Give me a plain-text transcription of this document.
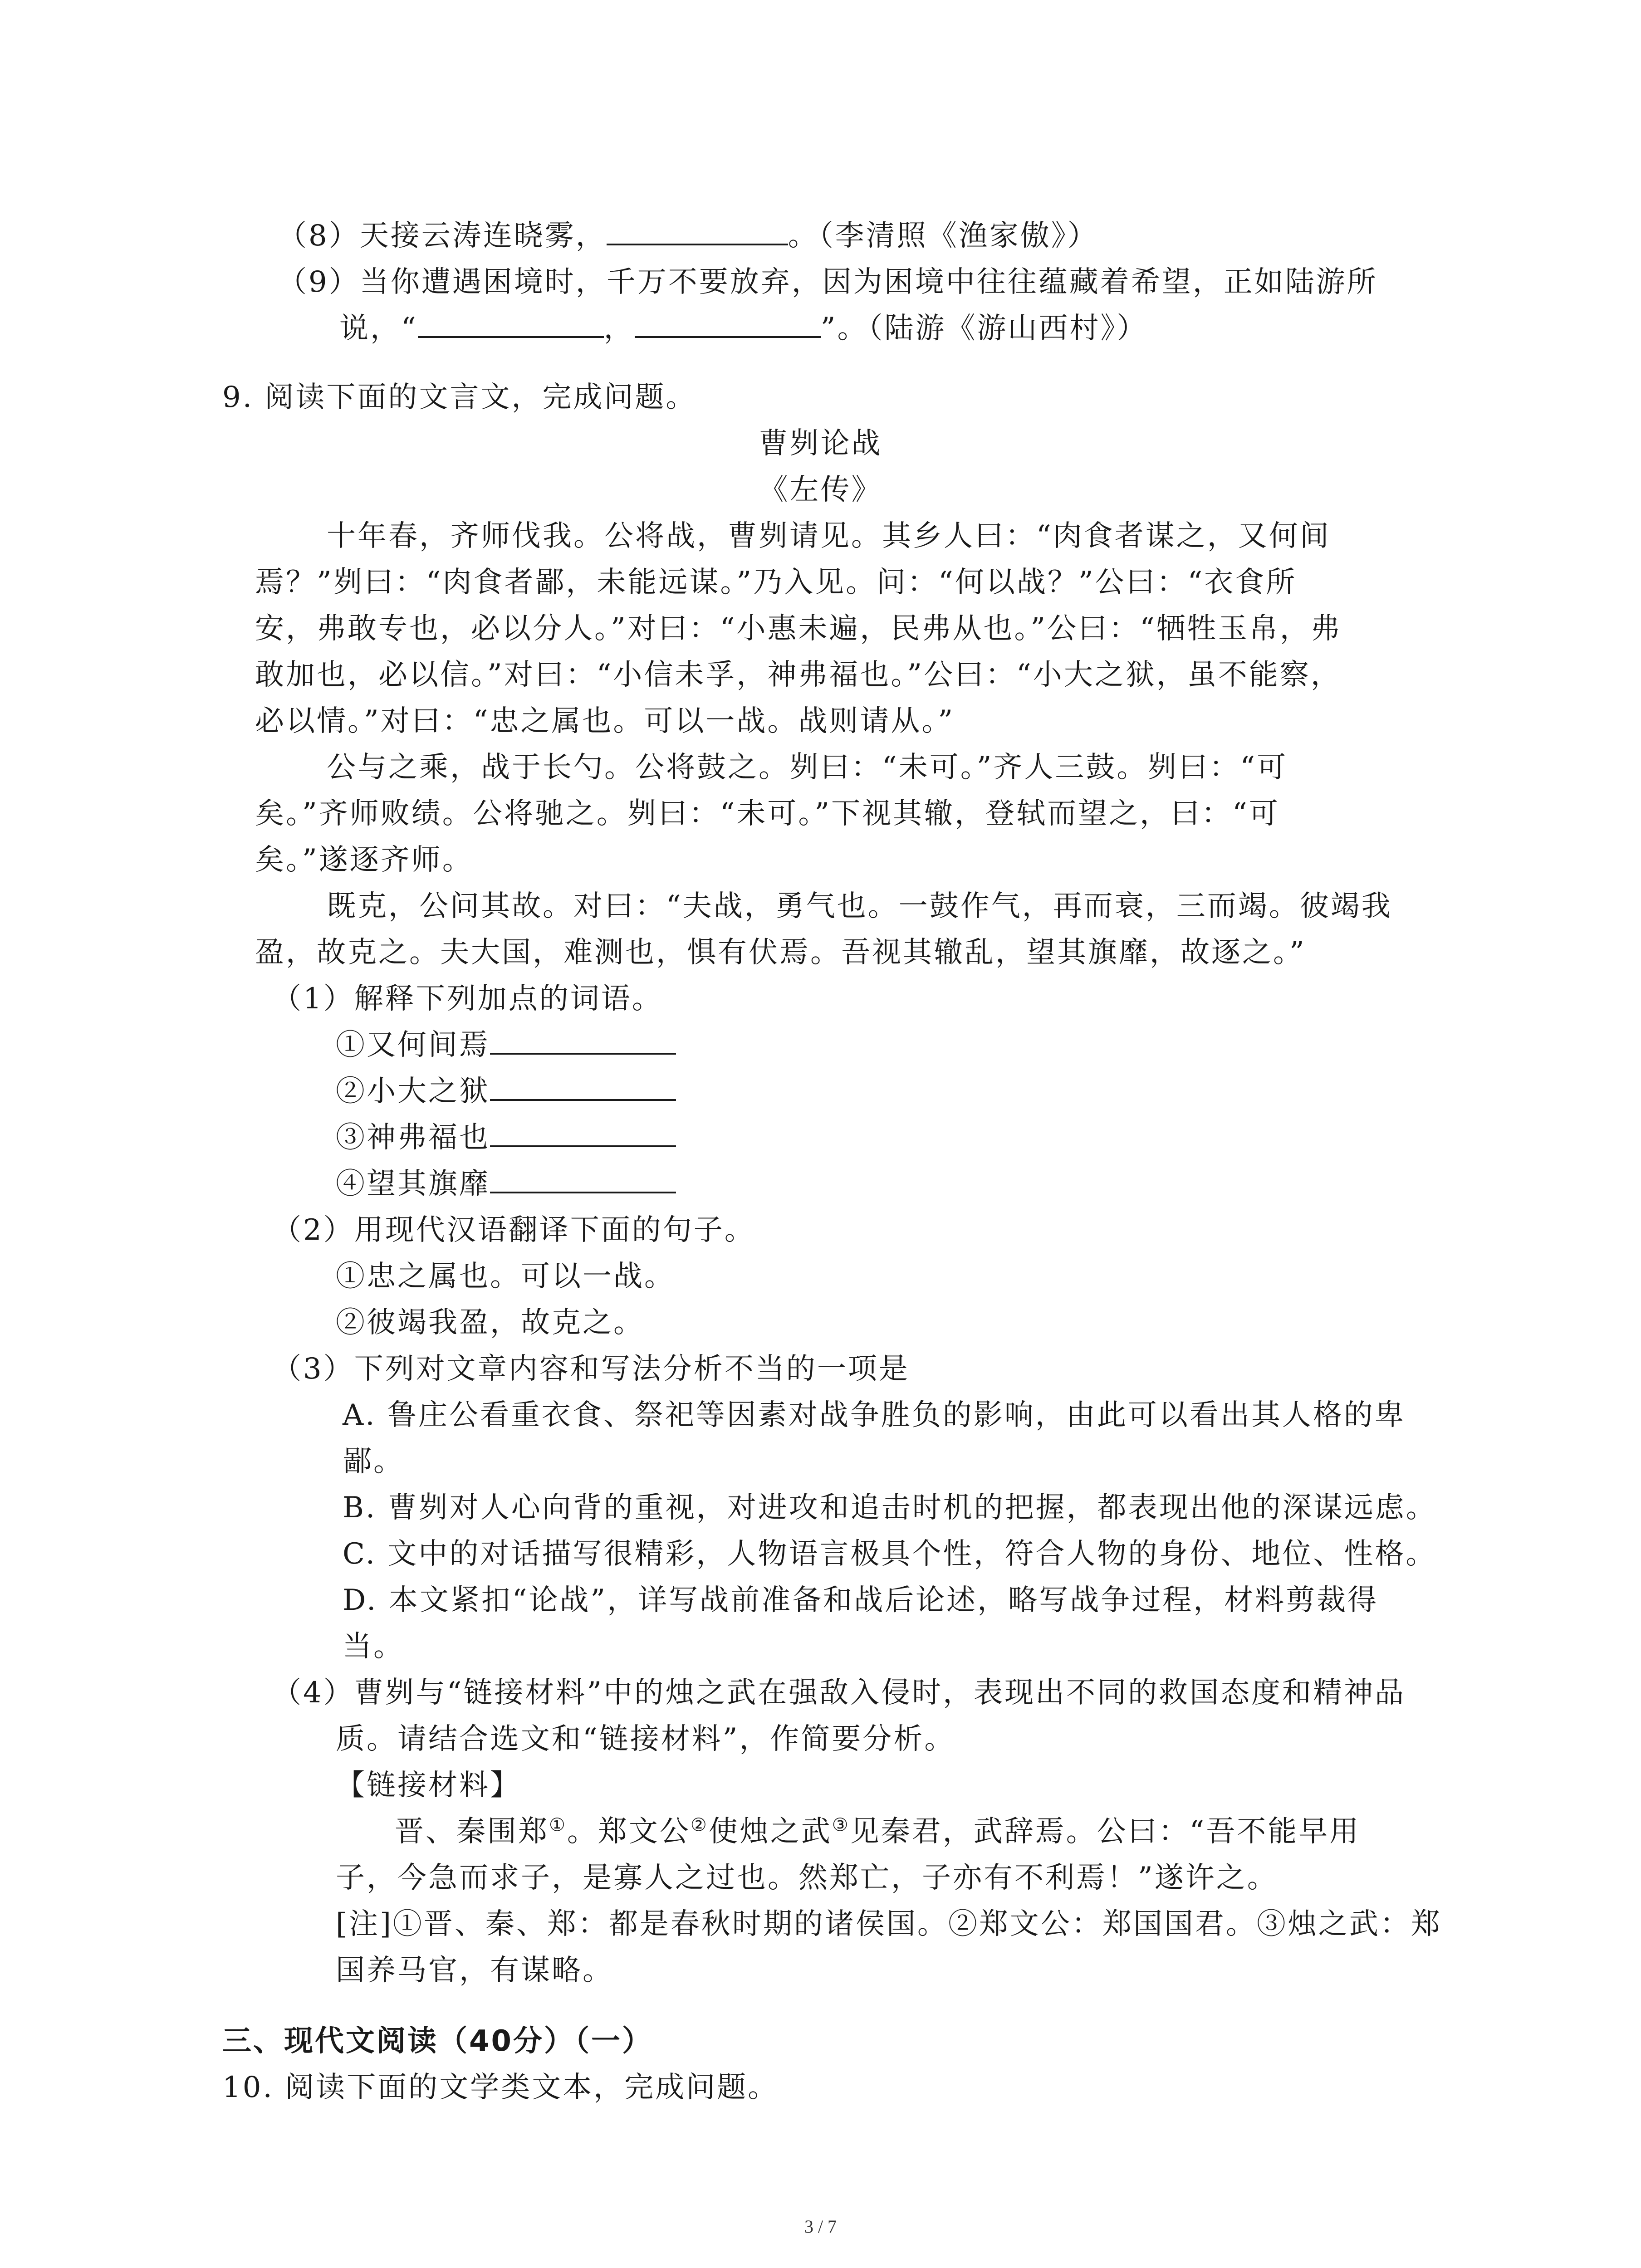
（8）天接云涛连晓雾，	。（李清照《渔家傲》）
（9）当你遭遇困境时，千万不要放弃，因为困境中往往蕴藏着希望，正如陆游所
说，“	，	”。（陆游《游山西村》）
9. 阅读下面的文言文，完成问题。
曹刿论战
《左传》
十年春，齐师伐我。公将战，曹刿请见。其乡人曰：“肉食者谋之，又何间
焉？”刿曰：“肉食者鄙，未能远谋。”乃入见。问：“何以战？”公曰：“衣食所
安，弗敢专也，必以分人。”对曰：“小惠未遍，民弗从也。”公曰：“牺牲玉帛，弗
敢加也，必以信。”对曰：“小信未孚，神弗福也。”公曰：“小大之狱，虽不能察，
必以情。”对曰：“忠之属也。可以一战。战则请从。”
公与之乘，战于长勺。公将鼓之。刿曰：“未可。”齐人三鼓。刿曰：“可
矣。”齐师败绩。公将驰之。刿曰：“未可。”下视其辙，登轼而望之，曰：“可
矣。”遂逐齐师。
既克，公问其故。对曰：“夫战，勇气也。一鼓作气，再而衰，三而竭。彼竭我
盈，故克之。夫大国，难测也，惧有伏焉。吾视其辙乱，望其旗靡，故逐之。”
（1）解释下列加点的词语。
①又何间焉
②小大之狱
③神弗福也
④望其旗靡
（2）用现代汉语翻译下面的句子。
①忠之属也。可以一战。
②彼竭我盈，故克之。
（3）下列对文章内容和写法分析不当的一项是
A. 鲁庄公看重衣食、祭祀等因素对战争胜负的影响，由此可以看出其人格的卑
鄙。
B. 曹刿对人心向背的重视，对进攻和追击时机的把握，都表现出他的深谋远虑。
C. 文中的对话描写很精彩，人物语言极具个性，符合人物的身份、地位、性格。
D. 本文紧扣“论战”，详写战前准备和战后论述，略写战争过程，材料剪裁得
当。
（4）曹刿与“链接材料”中的烛之武在强敌入侵时，表现出不同的救国态度和精神品
质。请结合选文和“链接材料”，作简要分析。
【链接材料】
晋、秦围郑①。郑文公②使烛之武③见秦君，武辞焉。公曰：“吾不能早用
子，今急而求子，是寡人之过也。然郑亡，子亦有不利焉！”遂许之。
[注]①晋、秦、郑：都是春秋时期的诸侯国。②郑文公：郑国国君。③烛之武：郑
国养马官，有谋略。
三、现代文阅读（40分）（一）
10. 阅读下面的文学类文本，完成问题。
3 / 7
